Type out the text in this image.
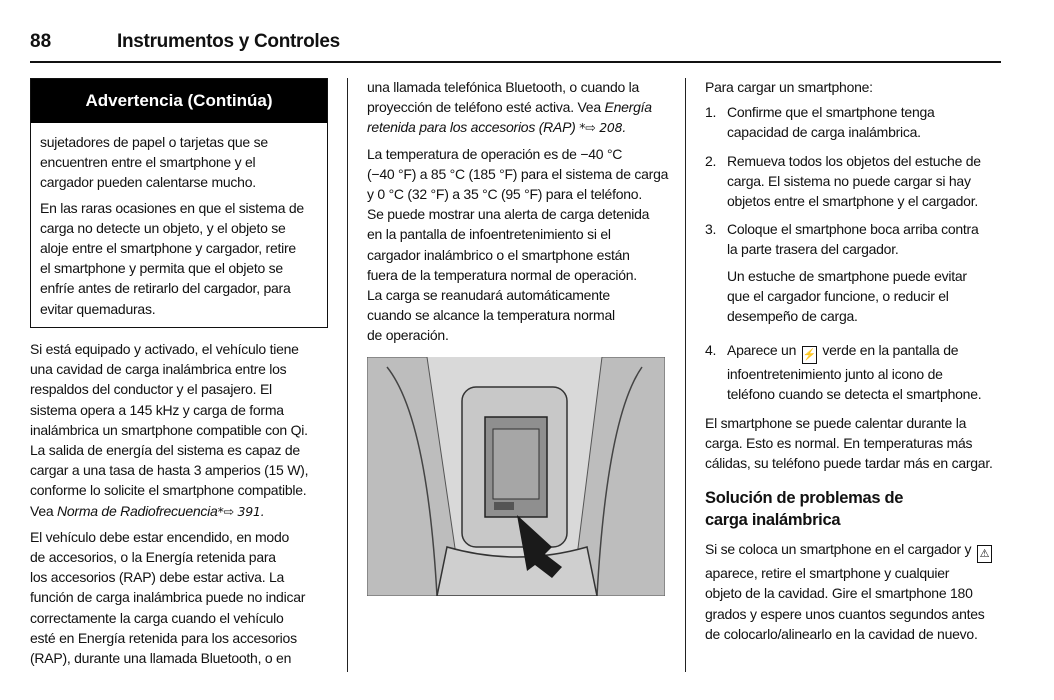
88	Instrumentos y Controles
Advertencia (Continúa)

sujetadores de papel o tarjetas que se
encuentren entre el smartphone y el
cargador pueden calentarse mucho.

En las raras ocasiones en que el sistema de
carga no detecte un objeto, y el objeto se
aloje entre el smartphone y cargador, retire
el smartphone y permita que el objeto se
enfríe antes de retirarlo del cargador, para
evitar quemaduras.

Si está equipado y activado, el vehículo tiene
una cavidad de carga inalámbrica entre los
respaldos del conductor y el pasajero. El
sistema opera a 145 kHz y carga de forma
inalámbrica un smartphone compatible con Qi.
La salida de energía del sistema es capaz de
cargar a una tasa de hasta 3 amperios (15 W),
conforme lo solicite el smartphone compatible.
Vea Norma de Radiofrecuencia*⇨ 391.

El vehículo debe estar encendido, en modo
de accesorios, o la Energía retenida para
los accesorios (RAP) debe estar activa. La
función de carga inalámbrica puede no indicar
correctamente la carga cuando el vehículo
esté en Energía retenida para los accesorios
(RAP), durante una llamada Bluetooth, o en

una llamada telefónica Bluetooth, o cuando la
proyección de teléfono esté activa. Vea Energía
retenida para los accesorios (RAP) *⇨ 208.

La temperatura de operación es de −40 °C
(−40 °F) a 85 °C (185 °F) para el sistema de carga
y 0 °C (32 °F) a 35 °C (95 °F) para el teléfono.
Se puede mostrar una alerta de carga detenida
en la pantalla de infoentretenimiento si el
cargador inalámbrico o el smartphone están
fuera de la temperatura normal de operación.
La carga se reanudará automáticamente
cuando se alcance la temperatura normal
de operación.

Para cargar un smartphone:

1. Confirme que el smartphone tenga
capacidad de carga inalámbrica.
2. Remueva todos los objetos del estuche de
carga. El sistema no puede cargar si hay
objetos entre el smartphone y el cargador.
3. Coloque el smartphone boca arriba contra
la parte trasera del cargador.
Un estuche de smartphone puede evitar
que el cargador funcione, o reducir el
desempeño de carga.
4. Aparece un ⚡ verde en la pantalla de
infoentretenimiento junto al icono de
teléfono cuando se detecta el smartphone.

El smartphone se puede calentar durante la
carga. Esto es normal. En temperaturas más
cálidas, su teléfono puede tardar más en cargar.

Solución de problemas de
carga inalámbrica

Si se coloca un smartphone en el cargador y ⚠
aparece, retire el smartphone y cualquier
objeto de la cavidad. Gire el smartphone 180
grados y espere unos cuantos segundos antes
de colocarlo/alinearlo en la cavidad de nuevo.
